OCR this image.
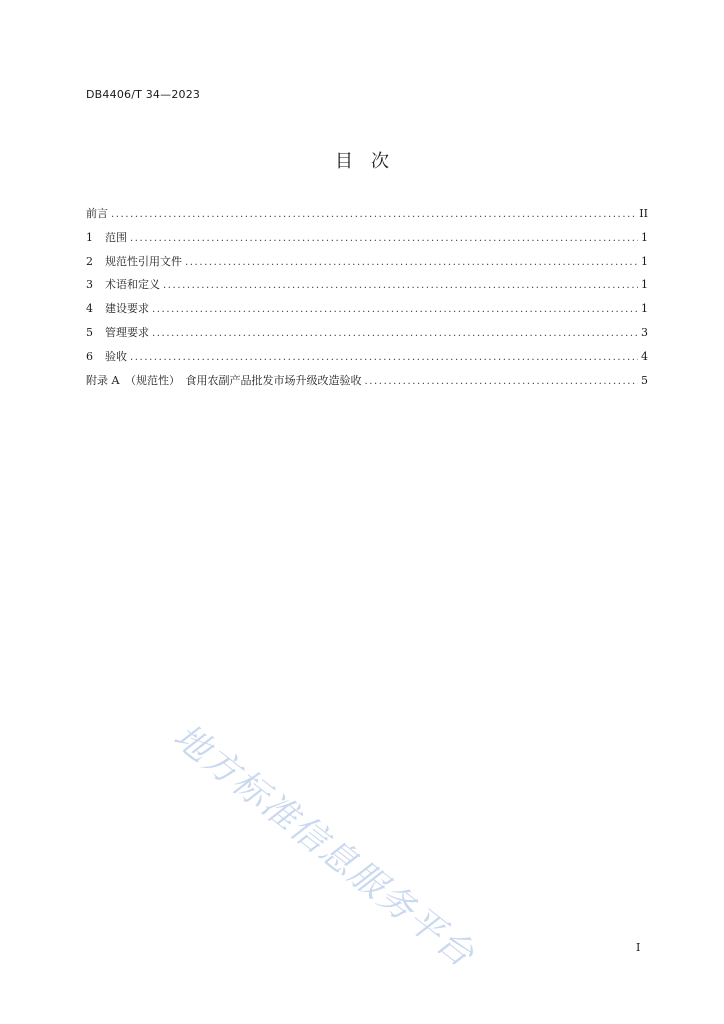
DB4406/T 34—2023
目　次
前言 .....	II
1	范围 .....	1
2	规范性引用文件 .....	1
3	术语和定义 .....	1
4	建设要求 .....	1
5	管理要求 .....	3
6	验收 .....	4
附录 A　（规范性）　食用农副产品批发市场升级改造验收 .....	5
地方标准信息服务平台	I
